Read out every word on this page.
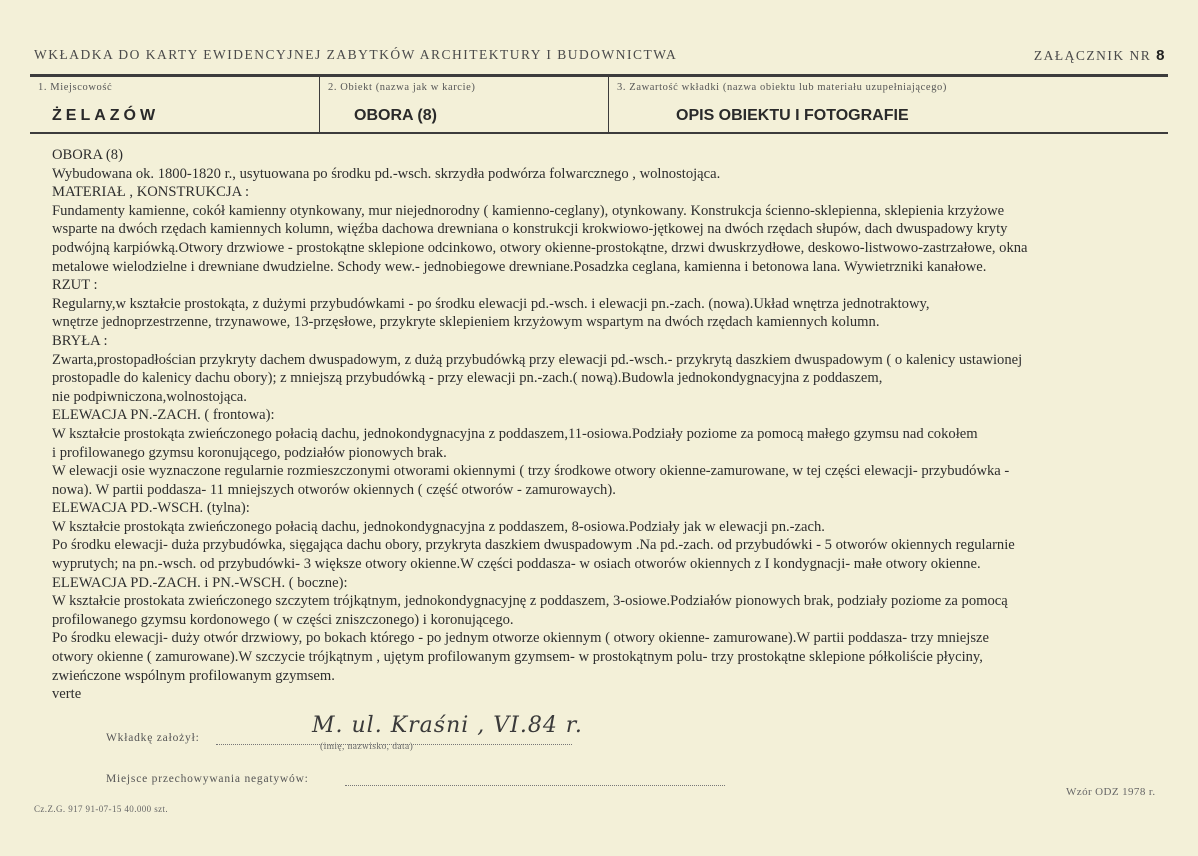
WKŁADKA DO KARTY EWIDENCYJNEJ ZABYTKÓW ARCHITEKTURY I BUDOWNICTWA	ZAŁĄCZNIK NR 8
1. Miejscowość
ŻELAZÓW
2. Obiekt (nazwa jak w karcie)
OBORA (8)
3. Zawartość wkładki (nazwa obiektu lub materiału uzupełniającego)
OPIS OBIEKTU I FOTOGRAFIE
OBORA (8)
Wybudowana ok. 1800-1820 r., usytuowana po środku pd.-wsch. skrzydła podwórza folwarcznego , wolnostojąca.
MATERIAŁ , KONSTRUKCJA :
Fundamenty kamienne, cokół kamienny otynkowany, mur niejednorodny ( kamienno-ceglany), otynkowany. Konstrukcja ścienno-sklepienna, sklepienia krzyżowe
wsparte na dwóch rzędach kamiennych kolumn, więźba dachowa drewniana o konstrukcji krokwiowo-jętkowej na dwóch rzędach słupów, dach dwuspadowy kryty
podwójną karpiówką.Otwory drzwiowe - prostokątne sklepione odcinkowo, otwory okienne-prostokątne, drzwi dwuskrzydłowe, deskowo-listwowo-zastrzałowe, okna
metalowe wielodzielne i drewniane dwudzielne. Schody wew.- jednobiegowe drewniane.Posadzka ceglana, kamienna i betonowa lana. Wywietrzniki kanałowe.
RZUT :
Regularny,w kształcie prostokąta, z dużymi przybudówkami - po środku elewacji pd.-wsch. i elewacji pn.-zach. (nowa).Układ wnętrza jednotraktowy,
wnętrze jednoprzestrzenne, trzynawowe, 13-przęsłowe, przykryte sklepieniem krzyżowym wspartym na dwóch rzędach kamiennych kolumn.
BRYŁA :
Zwarta,prostopadłościan przykryty dachem dwuspadowym, z dużą przybudówką przy elewacji pd.-wsch.- przykrytą daszkiem dwuspadowym ( o kalenicy ustawionej
prostopadle do kalenicy dachu obory); z mniejszą przybudówką - przy elewacji pn.-zach.( nową).Budowla jednokondygnacyjna z poddaszem,
nie podpiwniczona,wolnostojąca.
ELEWACJA PN.-ZACH. ( frontowa):
W kształcie prostokąta zwieńczonego połacią dachu, jednokondygnacyjna z poddaszem,11-osiowa.Podziały poziome za pomocą małego gzymsu nad cokołem
i profilowanego gzymsu koronującego, podziałów pionowych brak.
W elewacji osie wyznaczone regularnie rozmieszczonymi otworami okiennymi ( trzy środkowe otwory okienne-zamurowane, w tej części elewacji- przybudówka -
nowa). W partii poddasza- 11 mniejszych otworów okiennych ( część otworów - zamurowaych).
ELEWACJA PD.-WSCH. (tylna):
W kształcie prostokąta zwieńczonego połacią dachu, jednokondygnacyjna z poddaszem, 8-osiowa.Podziały jak w elewacji pn.-zach.
Po środku elewacji- duża przybudówka, sięgająca dachu obory, przykryta daszkiem dwuspadowym .Na pd.-zach. od przybudówki - 5 otworów okiennych regularnie
wyprutych; na pn.-wsch. od przybudówki- 3 większe otwory okienne.W części poddasza- w osiach otworów okiennych z I kondygnacji- małe otwory okienne.
ELEWACJA PD.-ZACH. i PN.-WSCH. ( boczne):
W kształcie prostokata zwieńczonego szczytem trójkątnym, jednokondygnacyjnę z poddaszem, 3-osiowe.Podziałów pionowych brak, podziały poziome za pomocą
profilowanego gzymsu kordonowego ( w części zniszczonego) i koronującego.
Po środku elewacji- duży otwór drzwiowy, po bokach którego - po jednym otworze okiennym ( otwory okienne- zamurowane).W partii poddasza- trzy mniejsze
otwory okienne ( zamurowane).W szczycie trójkątnym , ujętym profilowanym gzymsem- w prostokątnym polu- trzy prostokątne sklepione półkoliście płyciny,
zwieńczone wspólnym profilowanym gzymsem.
verte
Wkładkę założył:	M. ul. Kraśni , VI.84 r.
(imię, nazwisko, data)
Miejsce przechowywania negatywów:
Wzór ODZ 1978 r.
Cz.Z.G. 917 91-07-15 40.000 szt.
